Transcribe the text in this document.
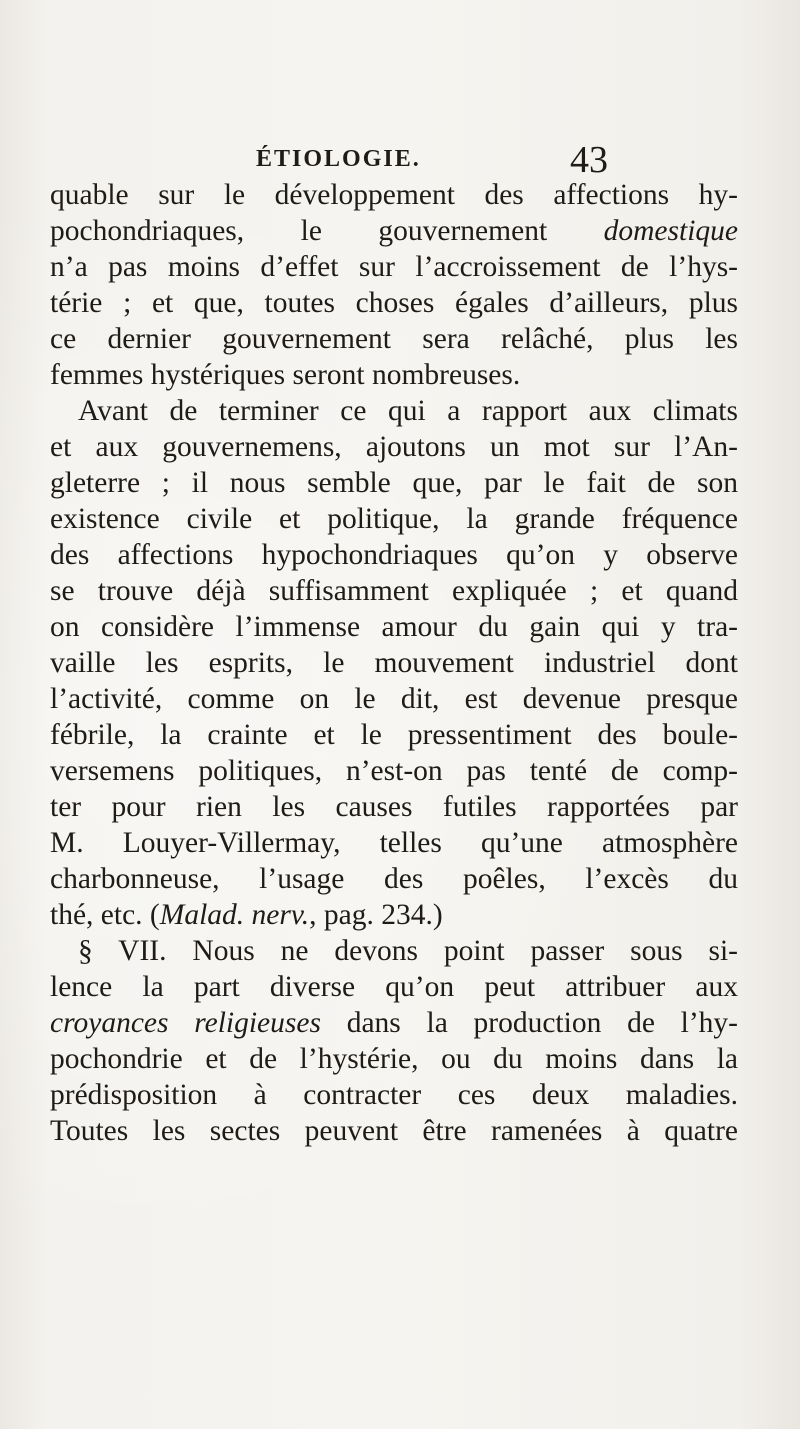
ÉTIOLOGIE.	43
quable sur le développement des affections hy-
pochondriaques, le gouvernement domestique
n’a pas moins d’effet sur l’accroissement de l’hys-
térie ; et que, toutes choses égales d’ailleurs, plus
ce dernier gouvernement sera relâché, plus les
femmes hystériques seront nombreuses.
Avant de terminer ce qui a rapport aux climats
et aux gouvernemens, ajoutons un mot sur l’An-
gleterre ; il nous semble que, par le fait de son
existence civile et politique, la grande fréquence
des affections hypochondriaques qu’on y observe
se trouve déjà suffisamment expliquée ; et quand
on considère l’immense amour du gain qui y tra-
vaille les esprits, le mouvement industriel dont
l’activité, comme on le dit, est devenue presque
fébrile, la crainte et le pressentiment des boule-
versemens politiques, n’est-on pas tenté de comp-
ter pour rien les causes futiles rapportées par
M. Louyer-Villermay, telles qu’une atmosphère
charbonneuse, l’usage des poêles, l’excès du
thé, etc. (Malad. nerv., pag. 234.)
§ VII. Nous ne devons point passer sous si-
lence la part diverse qu’on peut attribuer aux
croyances religieuses dans la production de l’hy-
pochondrie et de l’hystérie, ou du moins dans la
prédisposition à contracter ces deux maladies.
Toutes les sectes peuvent être ramenées à quatre
